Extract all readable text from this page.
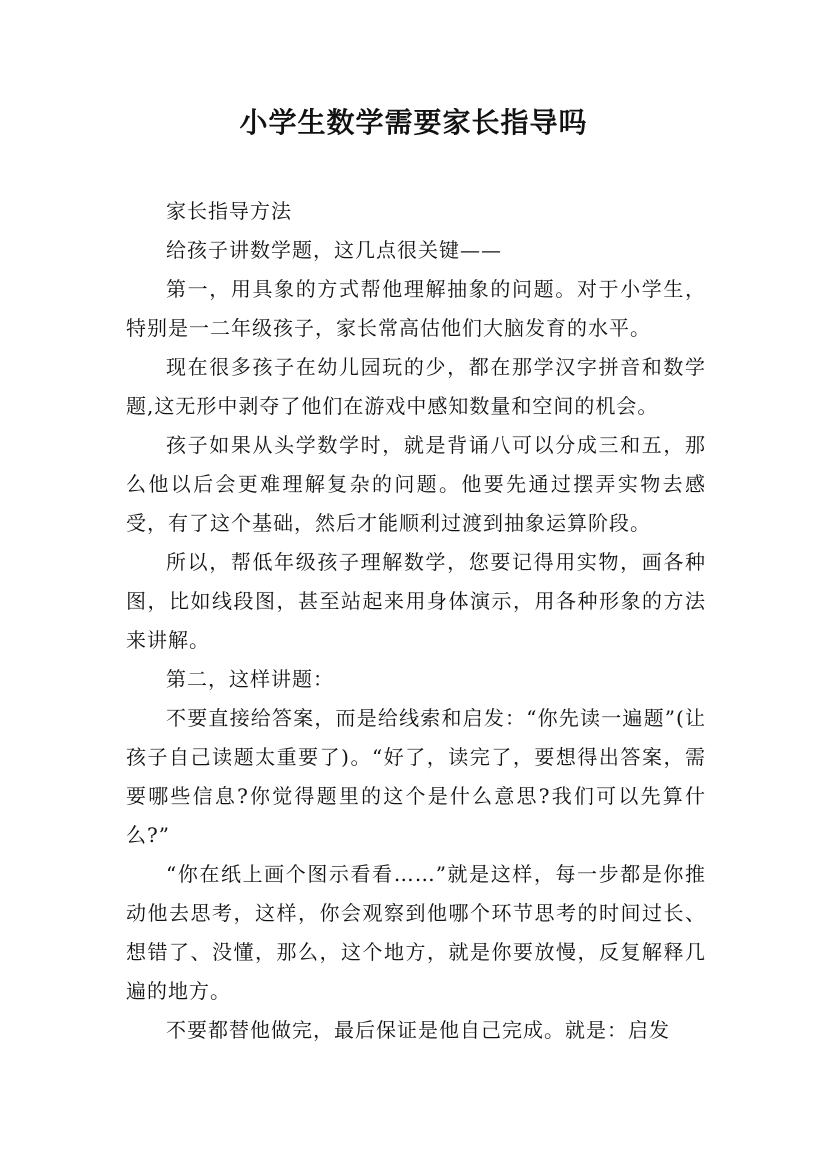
小学生数学需要家长指导吗

家长指导方法

给孩子讲数学题，这几点很关键——

第一，用具象的方式帮他理解抽象的问题。对于小学生，特别是一二年级孩子，家长常高估他们大脑发育的水平。

现在很多孩子在幼儿园玩的少，都在那学汉字拼音和数学题,这无形中剥夺了他们在游戏中感知数量和空间的机会。

孩子如果从头学数学时，就是背诵八可以分成三和五，那么他以后会更难理解复杂的问题。他要先通过摆弄实物去感受，有了这个基础，然后才能顺利过渡到抽象运算阶段。

所以，帮低年级孩子理解数学，您要记得用实物，画各种图，比如线段图，甚至站起来用身体演示，用各种形象的方法来讲解。

第二，这样讲题：

不要直接给答案，而是给线索和启发：“你先读一遍题”(让孩子自己读题太重要了)。“好了，读完了，要想得出答案，需要哪些信息?你觉得题里的这个是什么意思?我们可以先算什么?”

“你在纸上画个图示看看……”就是这样，每一步都是你推动他去思考，这样，你会观察到他哪个环节思考的时间过长、想错了、没懂，那么，这个地方，就是你要放慢，反复解释几遍的地方。

不要都替他做完，最后保证是他自己完成。就是：启发
